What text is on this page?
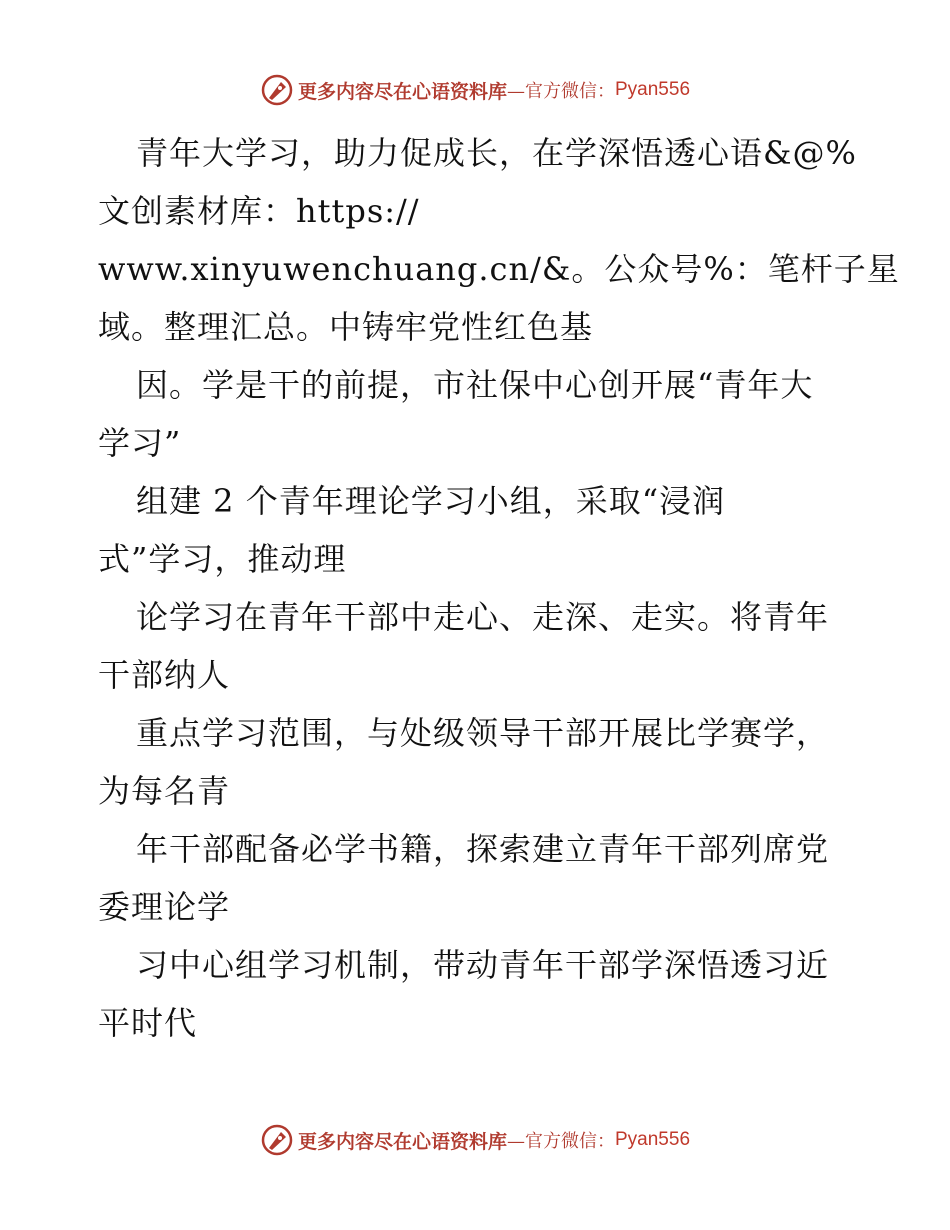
更多内容尽在心语资料库 —官方微信： Pyan556
青年大学习，助力促成长，在学深悟透心语&@%
文创素材库：https://
www.xinyuwenchuang.cn/&。公众号%：笔杆子星
域。整理汇总。中铸牢党性红色基
因。学是干的前提，市社保中心创开展“青年大
学习”
组建 2 个青年理论学习小组，采取“浸润
式”学习，推动理
论学习在青年干部中走心、走深、走实。将青年
干部纳人
重点学习范围，与处级领导干部开展比学赛学，
为每名青
年干部配备必学书籍，探索建立青年干部列席党
委理论学
习中心组学习机制，带动青年干部学深悟透习近
平时代
更多内容尽在心语资料库 —官方微信： Pyan556
